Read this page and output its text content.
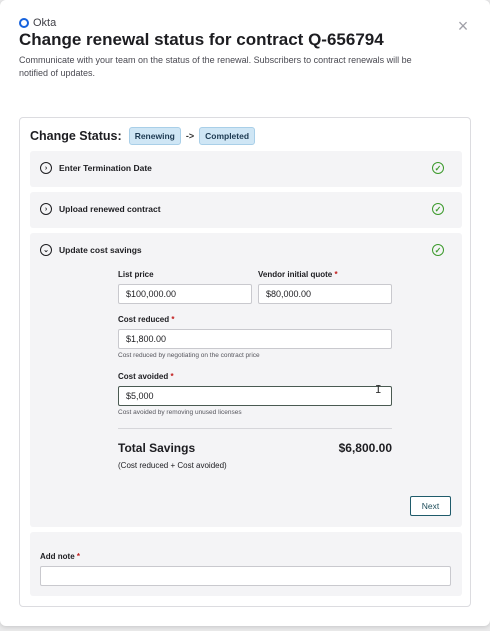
Okta	×
Change renewal status for contract Q-656794
Communicate with your team on the status of the renewal. Subscribers to contract renewals will be notified of updates.
Change Status:	Renewing	->	Completed
›	Enter Termination Date	✓
›	Upload renewed contract	✓
⌄	Update cost savings	✓
List price
$100,000.00
Vendor initial quote *
$80,000.00
Cost reduced *
$1,800.00
Cost reduced by negotiating on the contract price
Cost avoided *
$5,000	I
Cost avoided by removing unused licenses
Total Savings	$6,800.00
(Cost reduced + Cost avoided)
Next
Add note *
